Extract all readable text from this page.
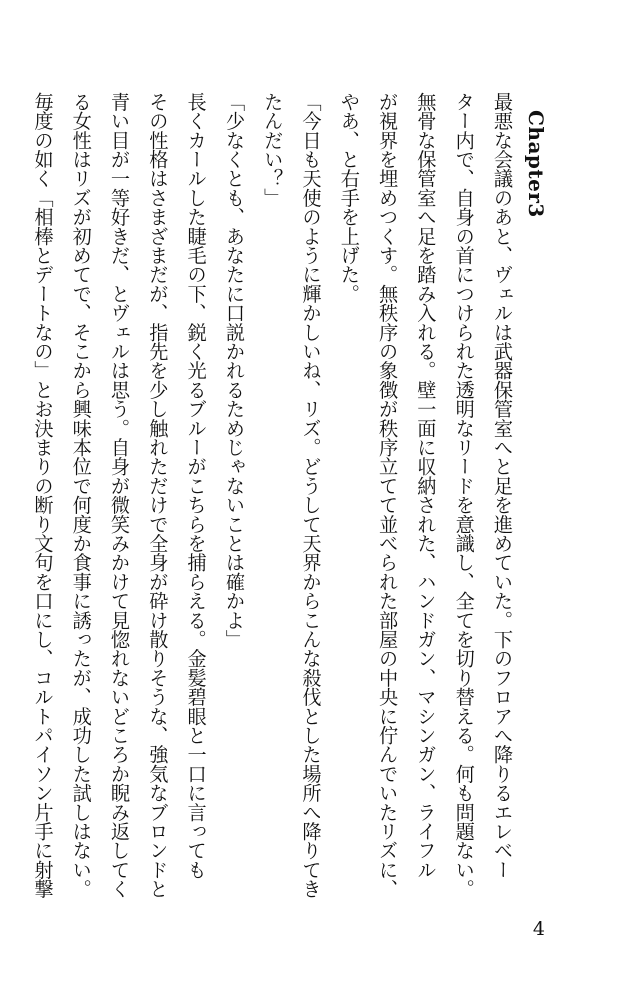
Chapter3
最悪な会議のあと、ヴェルは武器保管室へと足を進めていた。下のフロアへ降りるエレベー
ター内で、自身の首につけられた透明なリードを意識し、全てを切り替える。何も問題ない。
無骨な保管室へ足を踏み入れる。壁一面に収納された、ハンドガン、マシンガン、ライフル
が視界を埋めつくす。無秩序の象徴が秩序立てて並べられた部屋の中央に佇んでいたリズに、
やあ、と右手を上げた。
「今日も天使のように輝かしいね、リズ。どうして天界からこんな殺伐とした場所へ降りてき
たんだい？」
「少なくとも、あなたに口説かれるためじゃないことは確かよ」
長くカールした睫毛の下、鋭く光るブルーがこちらを捕らえる。金髪碧眼と一口に言っても
その性格はさまざまだが、指先を少し触れただけで全身が砕け散りそうな、強気なブロンドと
青い目が一等好きだ、とヴェルは思う。自身が微笑みかけて見惚れないどころか睨み返してく
る女性はリズが初めてで、そこから興味本位で何度か食事に誘ったが、成功した試しはない。
毎度の如く「相棒とデートなの」とお決まりの断り文句を口にし、コルトパイソン片手に射撃
4
